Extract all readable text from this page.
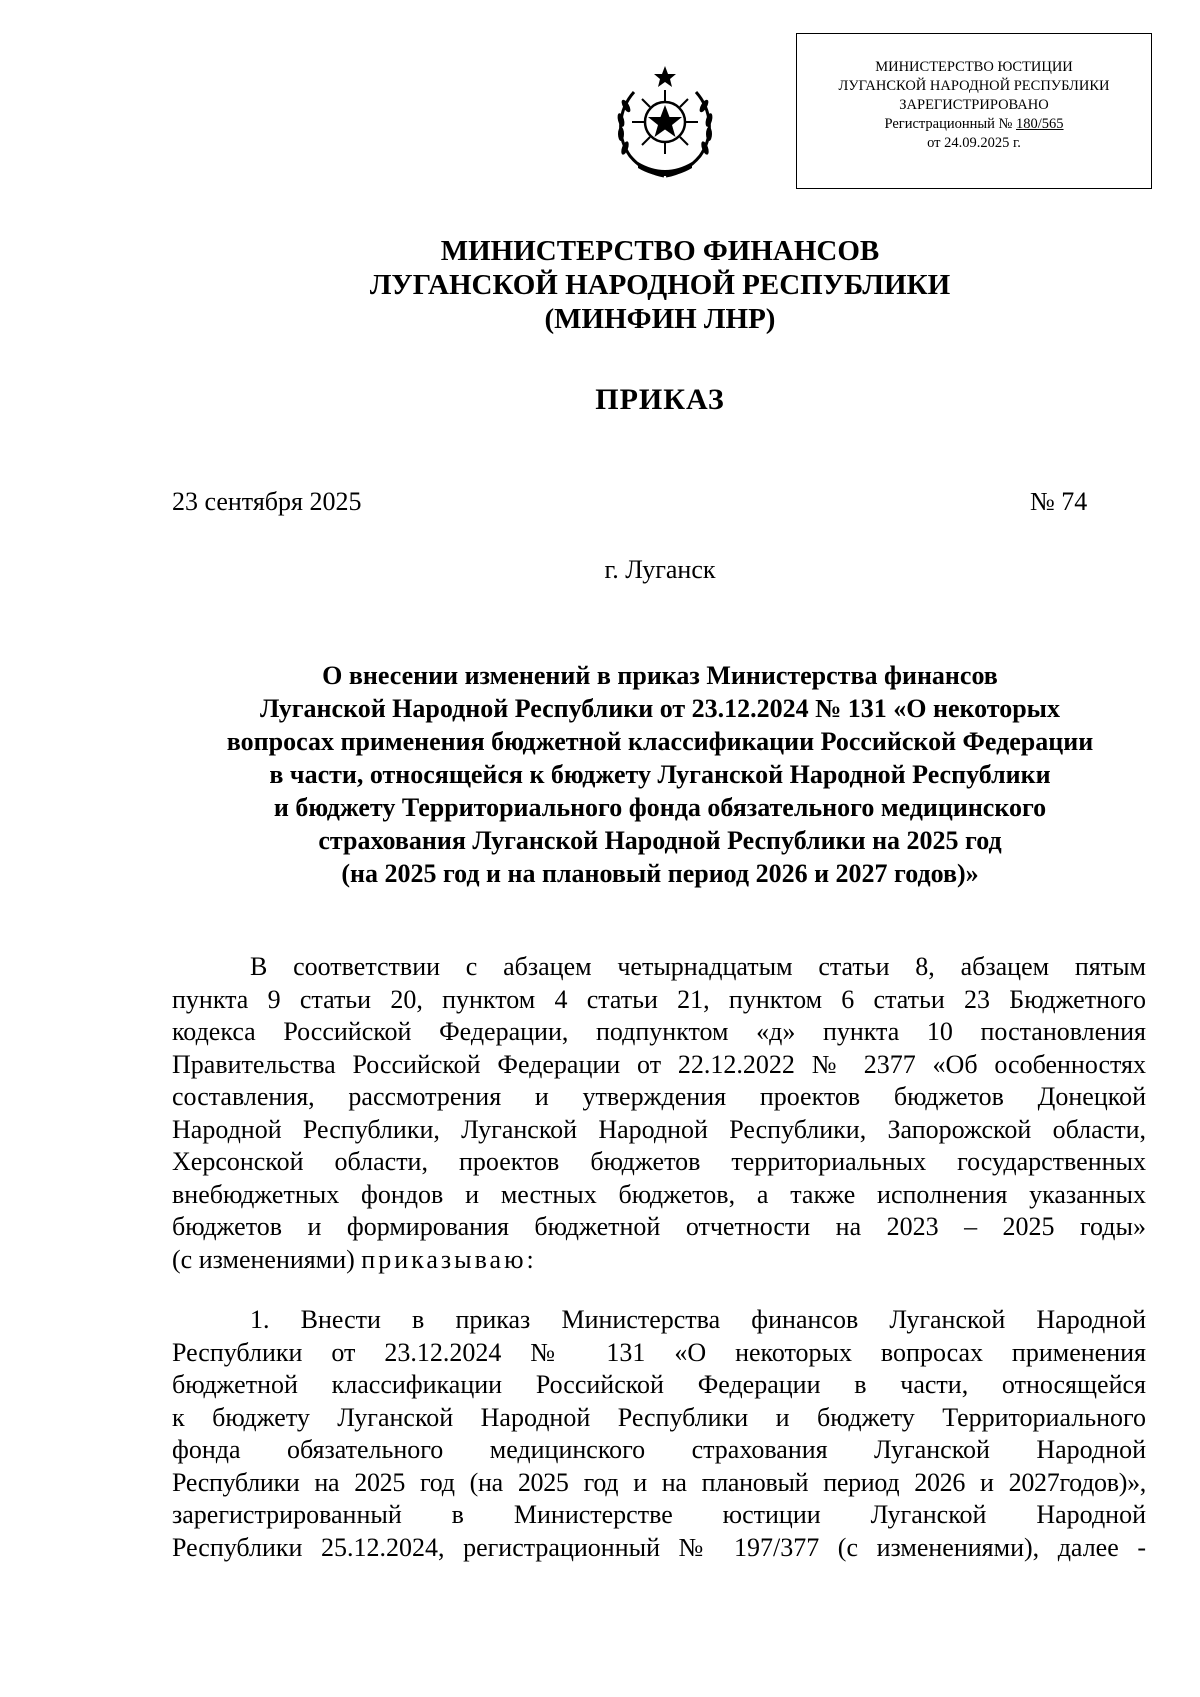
МИНИСТЕРСТВО ЮСТИЦИИ
ЛУГАНСКОЙ НАРОДНОЙ РЕСПУБЛИКИ
ЗАРЕГИСТРИРОВАНО
Регистрационный № 180/565
от 24.09.2025 г.
МИНИСТЕРСТВО ФИНАНСОВ
ЛУГАНСКОЙ НАРОДНОЙ РЕСПУБЛИКИ
(МИНФИН ЛНР)
ПРИКАЗ
23 сентября 2025	№ 74
г. Луганск
О внесении изменений в приказ Министерства финансов
Луганской Народной Республики от 23.12.2024 № 131 «О некоторых
вопросах применения бюджетной классификации Российской Федерации
в части, относящейся к бюджету Луганской Народной Республики
и бюджету Территориального фонда обязательного медицинского
страхования Луганской Народной Республики на 2025 год
(на 2025 год и на плановый период 2026 и 2027 годов)»
В соответствии с абзацем четырнадцатым статьи 8, абзацем пятым
пункта 9 статьи 20, пунктом 4 статьи 21, пунктом 6 статьи 23 Бюджетного
кодекса Российской Федерации, подпунктом «д» пункта 10 постановления
Правительства Российской Федерации от 22.12.2022 № 2377 «Об особенностях
составления, рассмотрения и утверждения проектов бюджетов Донецкой
Народной Республики, Луганской Народной Республики, Запорожской области,
Херсонской области, проектов бюджетов территориальных государственных
внебюджетных фондов и местных бюджетов, а также исполнения указанных
бюджетов и формирования бюджетной отчетности на 2023 – 2025 годы»
(с изменениями) приказываю:
1. Внести в приказ Министерства финансов Луганской Народной
Республики от 23.12.2024 № 131 «О некоторых вопросах применения
бюджетной классификации Российской Федерации в части, относящейся
к бюджету Луганской Народной Республики и бюджету Территориального
фонда обязательного медицинского страхования Луганской Народной
Республики на 2025 год (на 2025 год и на плановый период 2026 и 2027годов)»,
зарегистрированный в Министерстве юстиции Луганской Народной
Республики 25.12.2024, регистрационный № 197/377 (с изменениями), далее -
